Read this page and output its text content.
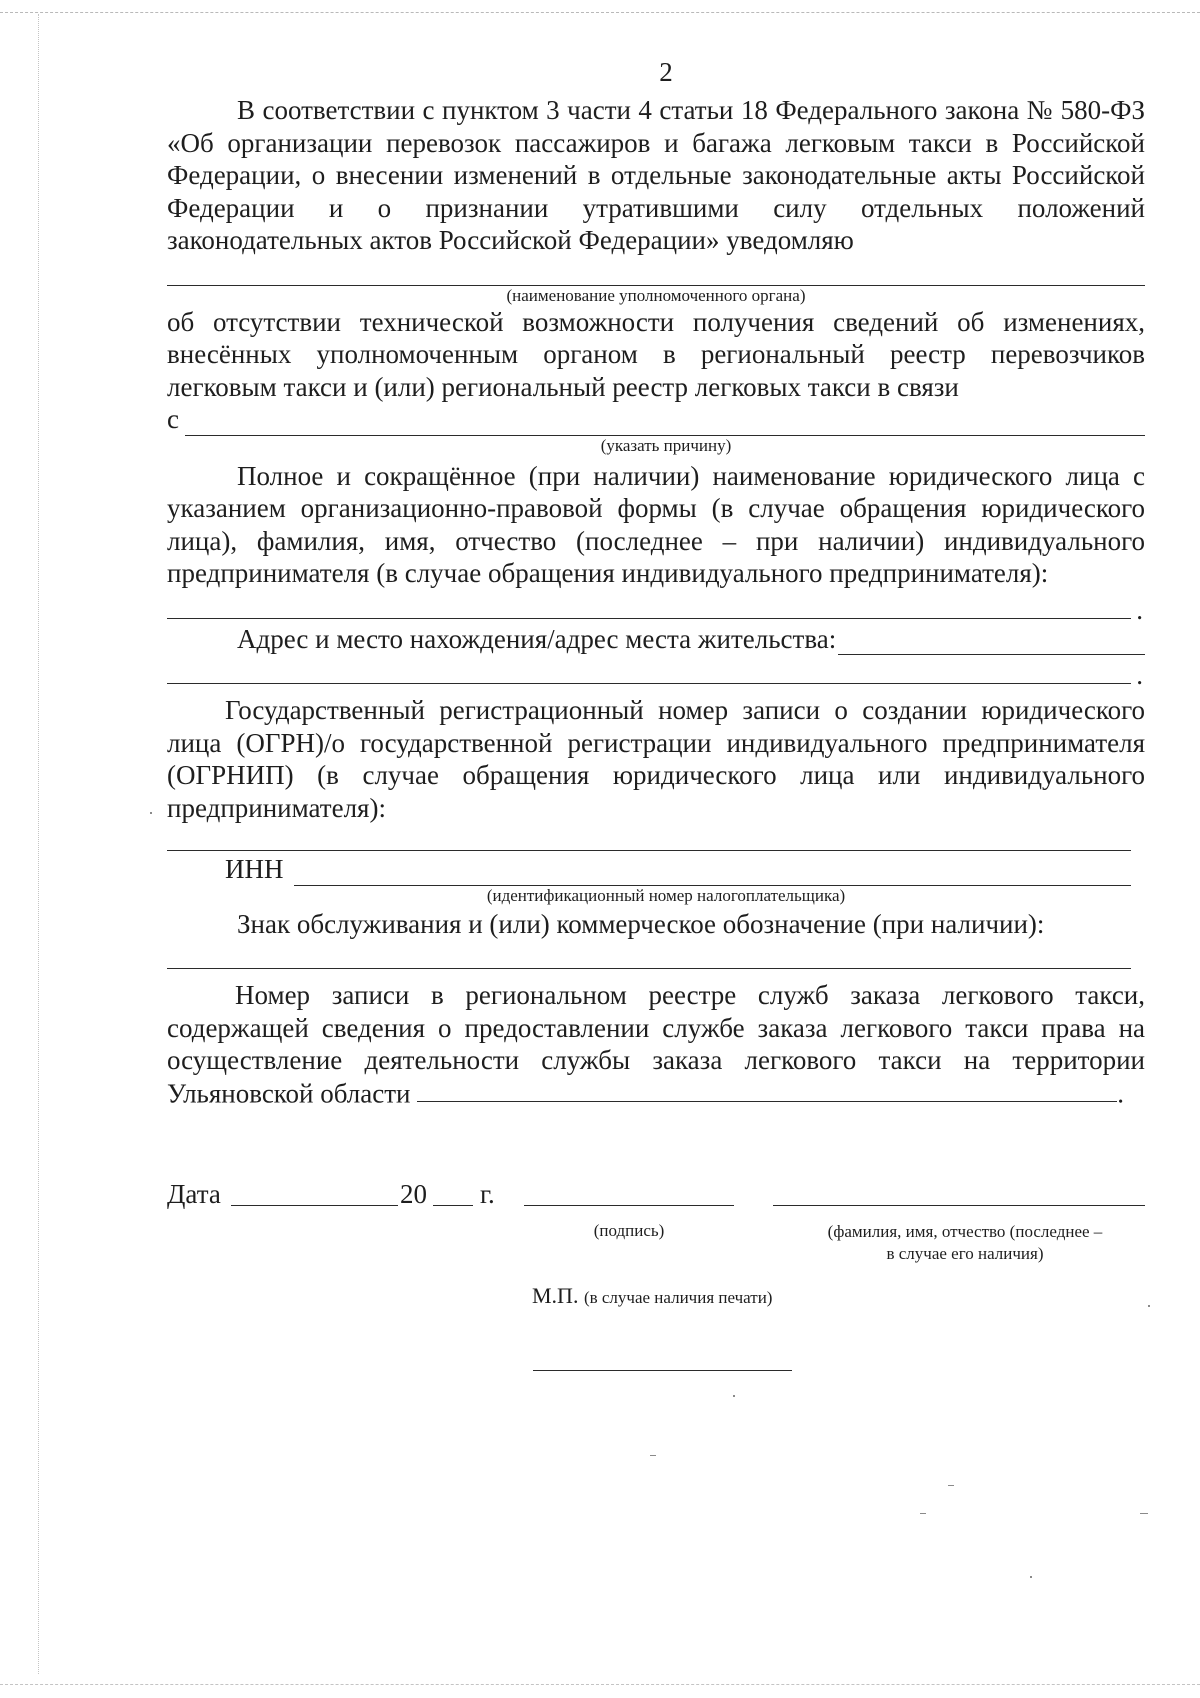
2

В соответствии с пунктом 3 части 4 статьи 18 Федерального закона № 580-ФЗ «Об организации перевозок пассажиров и багажа легковым такси в Российской Федерации, о внесении изменений в отдельные законодательные акты Российской Федерации и о признании утратившими силу отдельных положений законодательных актов Российской Федерации» уведомляю

(наименование уполномоченного органа)

об отсутствии технической возможности получения сведений об изменениях, внесённых уполномоченным органом в региональный реестр перевозчиков легковым такси и (или) региональный реестр легковых такси в связи

с

(указать причину)

Полное и сокращённое (при наличии) наименование юридического лица с указанием организационно-правовой формы (в случае обращения юридического лица), фамилия, имя, отчество (последнее – при наличии) индивидуального предпринимателя (в случае обращения индивидуального предпринимателя):

.
Адрес и место нахождения/адрес места жительства:
.

Государственный регистрационный номер записи о создании юридического лица (ОГРН)/о государственной регистрации индивидуального предпринимателя (ОГРНИП) (в случае обращения юридического лица или индивидуального предпринимателя):

ИНН

(идентификационный номер налогоплательщика)

Знак обслуживания и (или) коммерческое обозначение (при наличии):

Номер записи в региональном реестре служб заказа легкового такси, содержащей сведения о предоставлении службе заказа легкового такси права на осуществление деятельности службы заказа легкового такси на территории Ульяновской области	.

Дата	20 г.
(подпись)	(фамилия, имя, отчество (последнее –
в случае его наличия)
М.П. (в случае наличия печати)
